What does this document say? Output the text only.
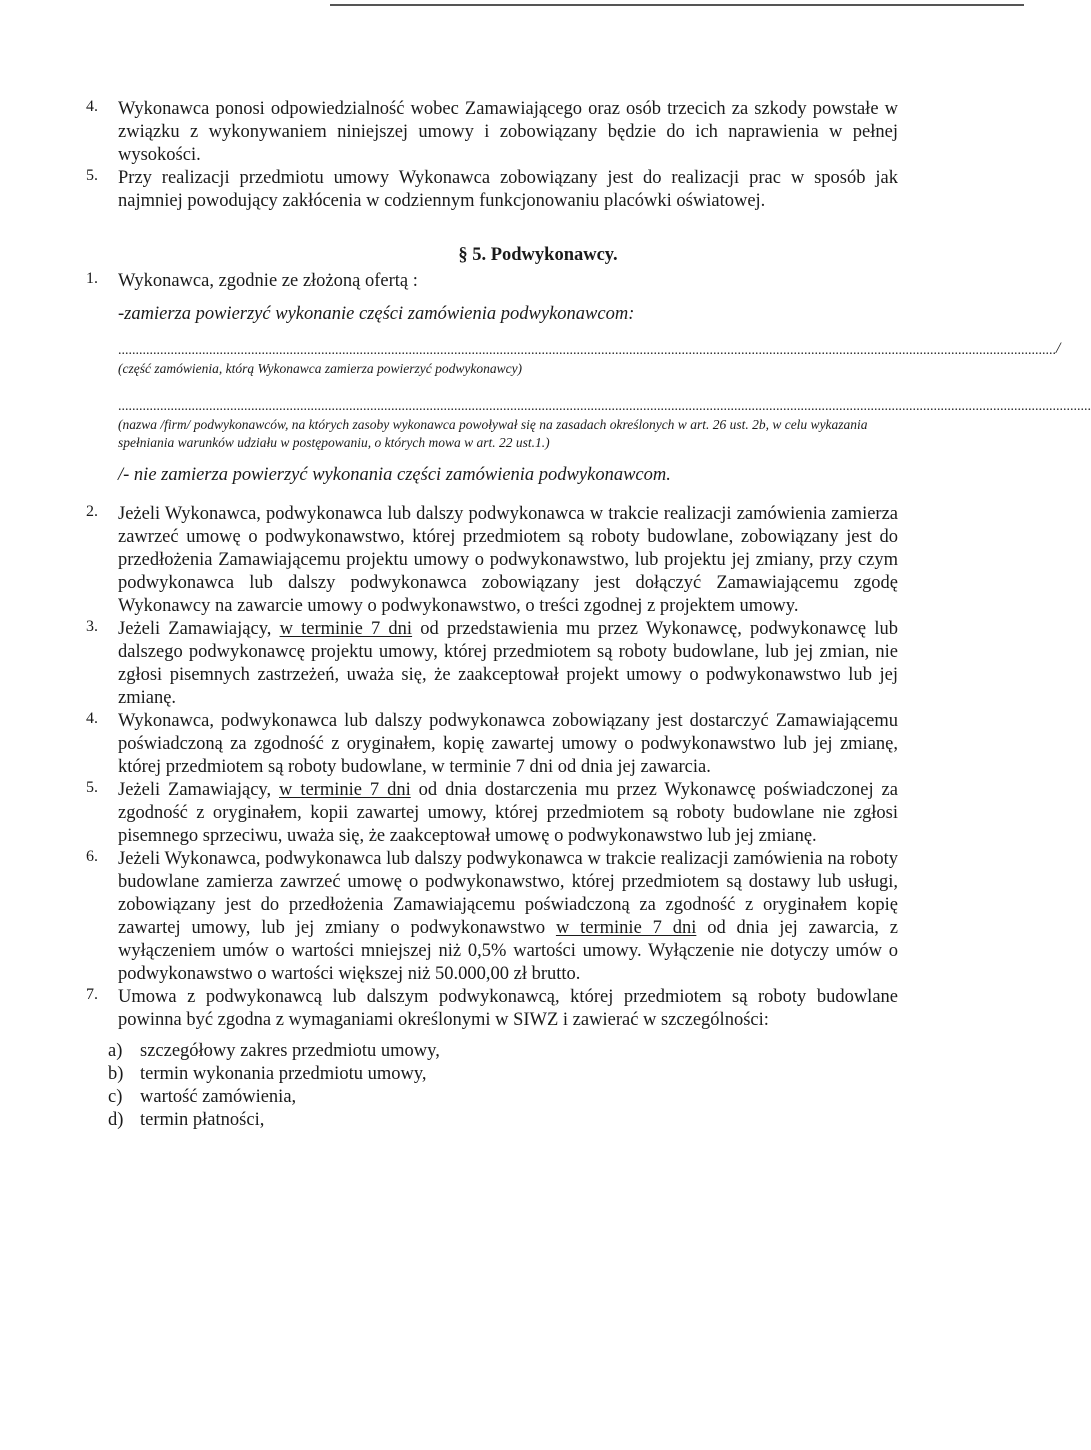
4. Wykonawca ponosi odpowiedzialność wobec Zamawiającego oraz osób trzecich za szkody powstałe w związku z wykonywaniem niniejszej umowy i zobowiązany będzie do ich naprawienia w pełnej wysokości.

5. Przy realizacji przedmiotu umowy Wykonawca zobowiązany jest do realizacji prac w sposób jak najmniej powodujący zakłócenia w codziennym funkcjonowaniu placówki oświatowej.

§ 5. Podwykonawcy.
1. Wykonawca, zgodnie ze złożoną ofertą :

-zamierza powierzyć wykonanie części zamówienia podwykonawcom:

............................................................................................................................................................................................................................................................................ /
(część zamówienia, którą Wykonawca zamierza powierzyć podwykonawcy)
......................................................................................................................................................................................................................................................................................
(nazwa /firm/ podwykonawców, na których zasoby wykonawca powoływał się na zasadach określonych w art. 26 ust. 2b, w celu wykazania spełniania warunków udziału w postępowaniu, o których mowa w art. 22 ust.1.)

/- nie zamierza powierzyć wykonania części zamówienia podwykonawcom.

2. Jeżeli Wykonawca, podwykonawca lub dalszy podwykonawca w trakcie realizacji zamówienia zamierza zawrzeć umowę o podwykonawstwo, której przedmiotem są roboty budowlane, zobowiązany jest do przedłożenia Zamawiającemu projektu umowy o podwykonawstwo, lub projektu jej zmiany, przy czym podwykonawca lub dalszy podwykonawca zobowiązany jest dołączyć Zamawiającemu zgodę Wykonawcy na zawarcie umowy o podwykonawstwo, o treści zgodnej z projektem umowy.

3. Jeżeli Zamawiający, w terminie 7 dni od przedstawienia mu przez Wykonawcę, podwykonawcę lub dalszego podwykonawcę projektu umowy, której przedmiotem są roboty budowlane, lub jej zmian, nie zgłosi pisemnych zastrzeżeń, uważa się, że zaakceptował projekt umowy o podwykonawstwo lub jej zmianę.

4. Wykonawca, podwykonawca lub dalszy podwykonawca zobowiązany jest dostarczyć Zamawiającemu poświadczoną za zgodność z oryginałem, kopię zawartej umowy o podwykonawstwo lub jej zmianę, której przedmiotem są roboty budowlane, w terminie 7 dni od dnia jej zawarcia.

5. Jeżeli Zamawiający, w terminie 7 dni od dnia dostarczenia mu przez Wykonawcę poświadczonej za zgodność z oryginałem, kopii zawartej umowy, której przedmiotem są roboty budowlane nie zgłosi pisemnego sprzeciwu, uważa się, że zaakceptował umowę o podwykonawstwo lub jej zmianę.

6. Jeżeli Wykonawca, podwykonawca lub dalszy podwykonawca w trakcie realizacji zamówienia na roboty budowlane zamierza zawrzeć umowę o podwykonawstwo, której przedmiotem są dostawy lub usługi, zobowiązany jest do przedłożenia Zamawiającemu poświadczoną za zgodność z oryginałem kopię zawartej umowy, lub jej zmiany o podwykonawstwo w terminie 7 dni od dnia jej zawarcia, z wyłączeniem umów o wartości mniejszej niż 0,5% wartości umowy. Wyłączenie nie dotyczy umów o podwykonawstwo o wartości większej niż 50.000,00 zł brutto.

7. Umowa z podwykonawcą lub dalszym podwykonawcą, której przedmiotem są roboty budowlane powinna być zgodna z wymaganiami określonymi w SIWZ i zawierać w szczególności:

a) szczegółowy zakres przedmiotu umowy,
b) termin wykonania przedmiotu umowy,
c) wartość zamówienia,
d) termin płatności,
